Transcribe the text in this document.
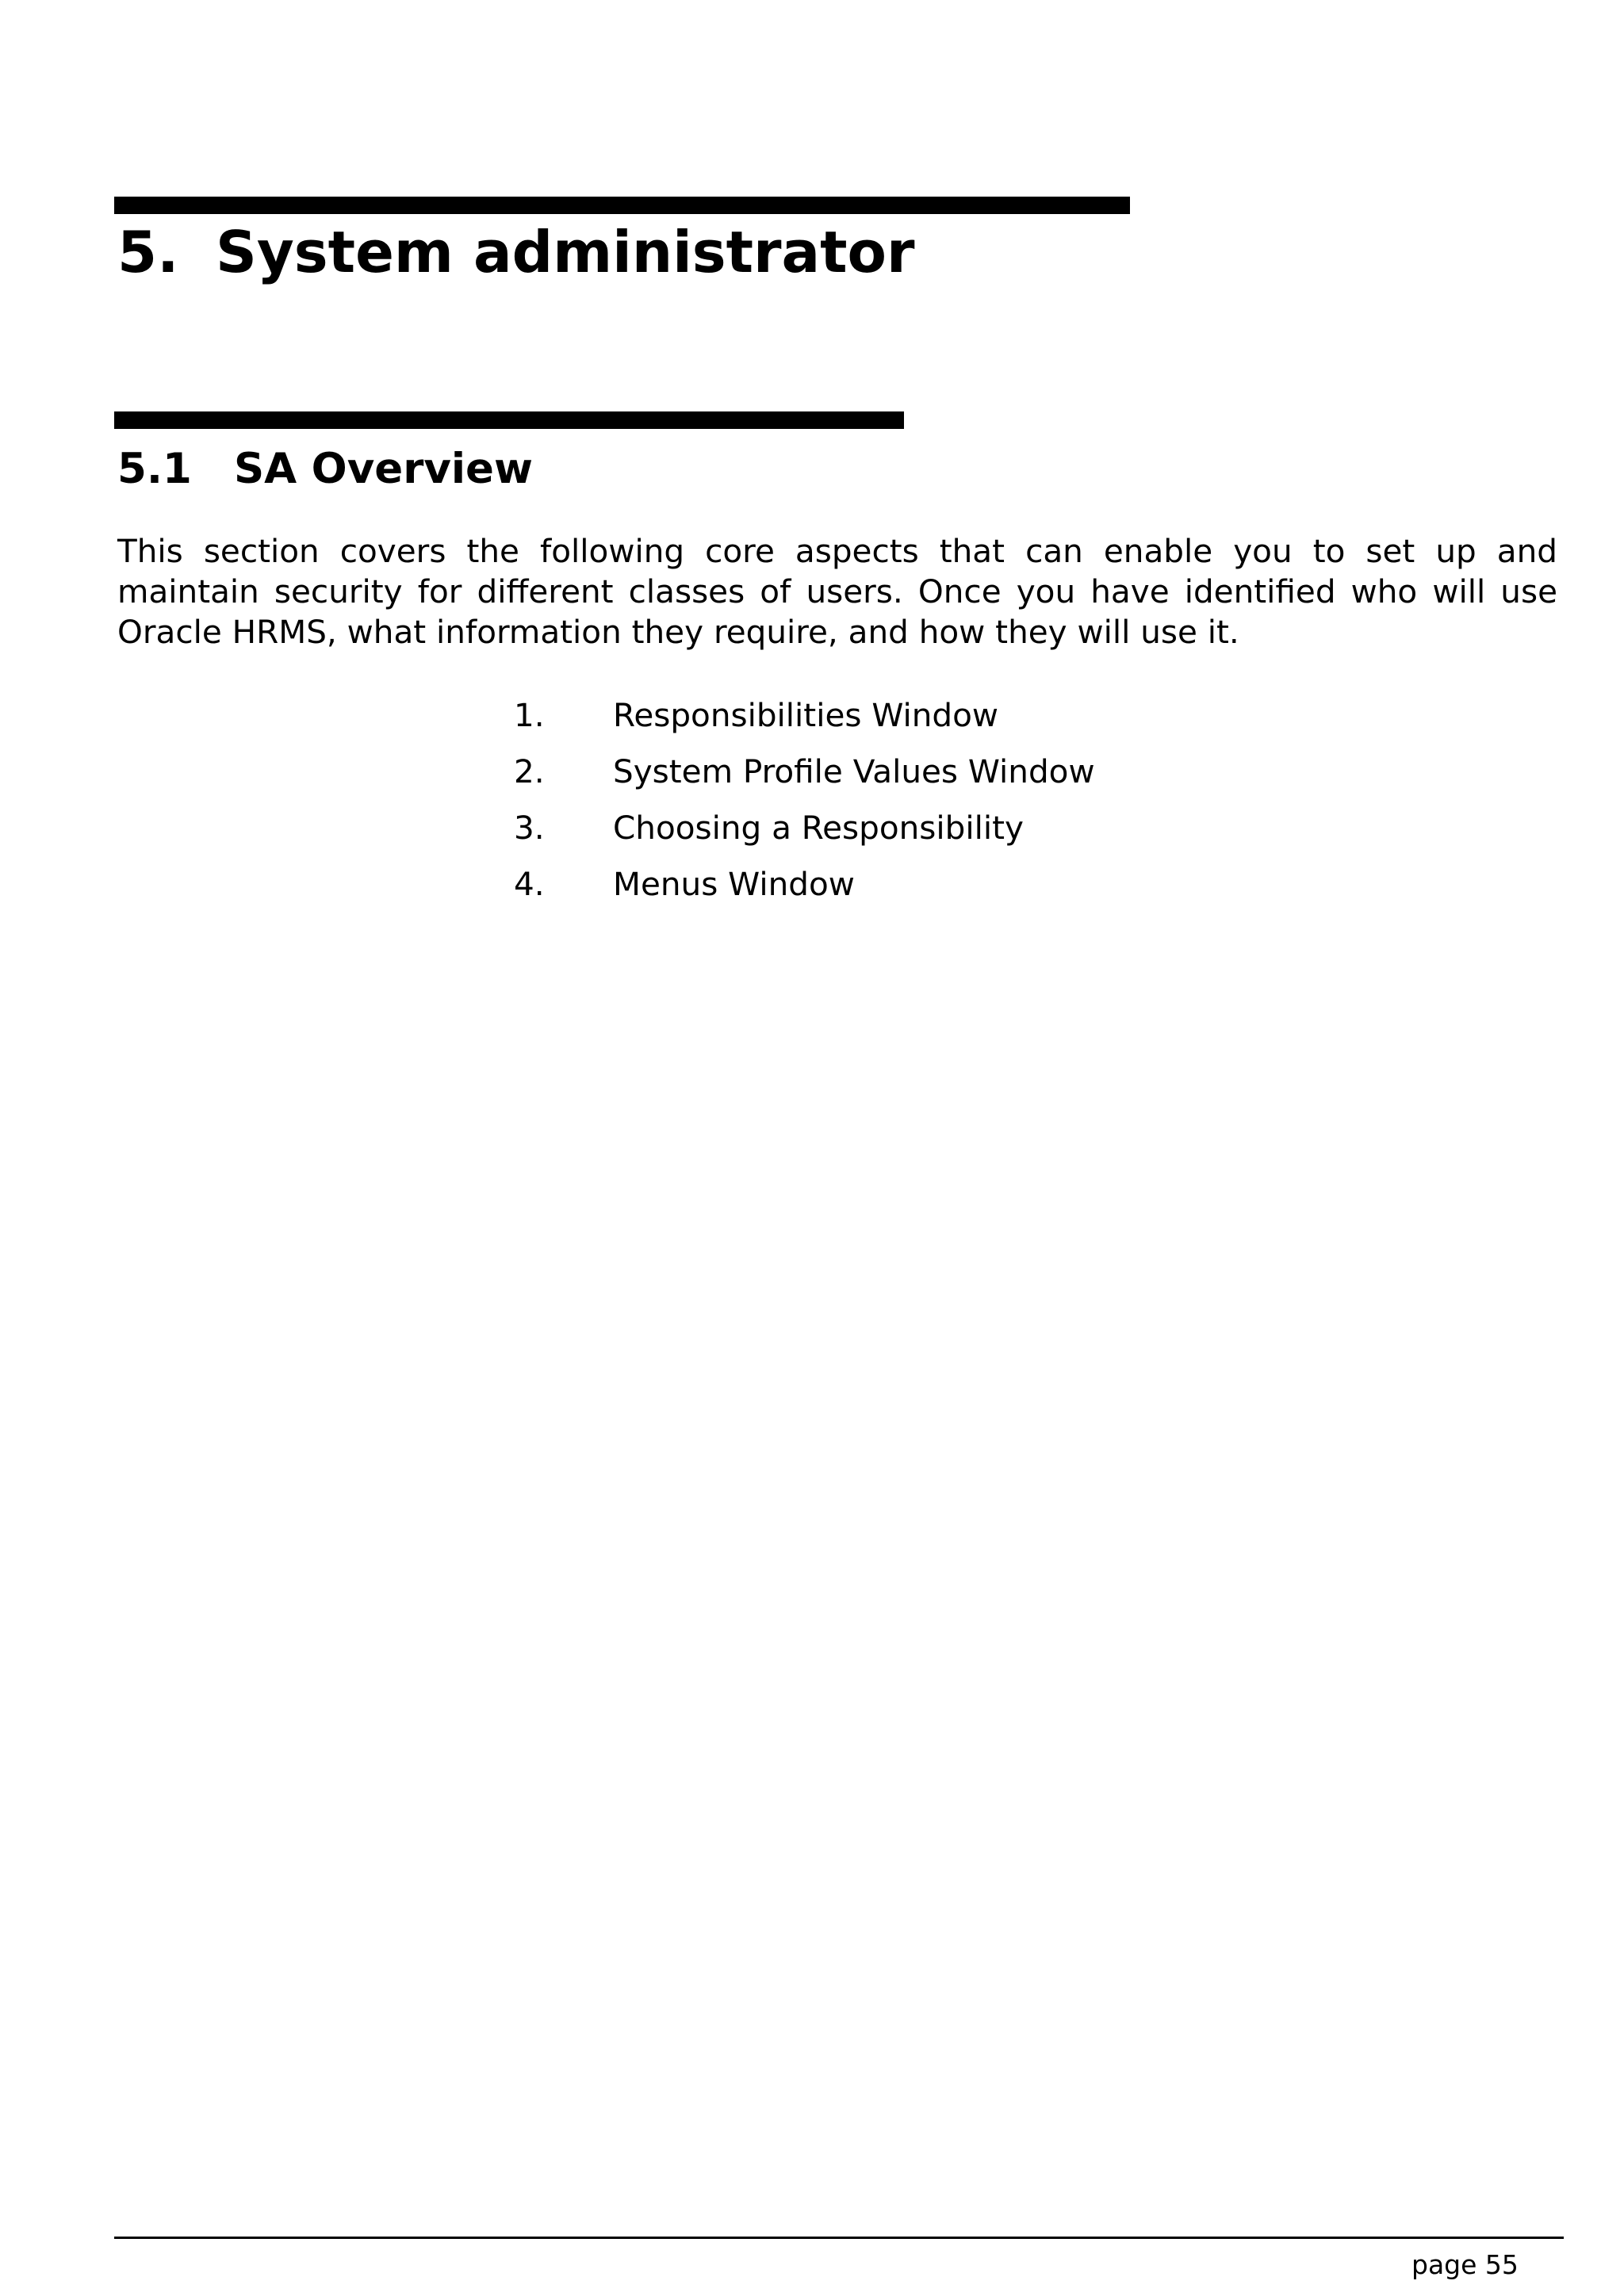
5. System administrator
5.1 SA Overview

This section covers the following core aspects that can enable you to set up and maintain security for different classes of users. Once you have identified who will use Oracle HRMS, what information they require, and how they will use it.

1. Responsibilities Window
2. System Profile Values Window
3. Choosing a Responsibility
4. Menus Window
page 55
